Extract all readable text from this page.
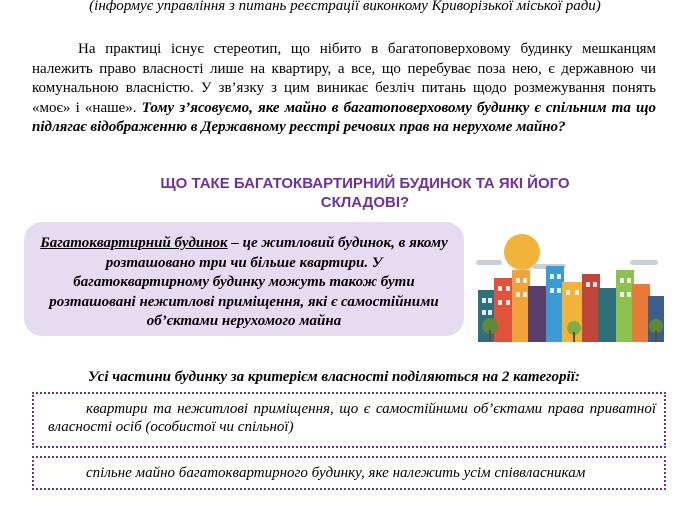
(інформує управління з питань реєстрації виконкому Криворізької міської ради)

На практиці існує стереотип, що нібито в багатоповерховому будинку мешканцям належить право власності лише на квартиру, а все, що перебуває поза нею, є державною чи комунальною власністю. У зв’язку з цим виникає безліч питань щодо розмежування понять «моє» і «наше». Тому з’ясовуємо, яке майно в багатоповерховому будинку є спільним та що підлягає відображенню в Державному реєстрі речових прав на нерухоме майно?

ЩО ТАКЕ БАГАТОКВАРТИРНИЙ БУДИНОК ТА ЯКІ ЙОГО СКЛАДОВІ?
Багатоквартирний будинок – це житловий будинок, в якому розташовано три чи більше квартири. У багатоквартирному будинку можуть також бути розташовані нежитлові приміщення, які є самостійними об’єктами нерухомого майна

Усі частини будинку за критерієм власності поділяються на 2 категорії:

квартири та нежитлові приміщення, що є самостійними об’єктами права приватної власності осіб (особистої чи спільної)
спільне майно багатоквартирного будинку, яке належить усім співвласникам
